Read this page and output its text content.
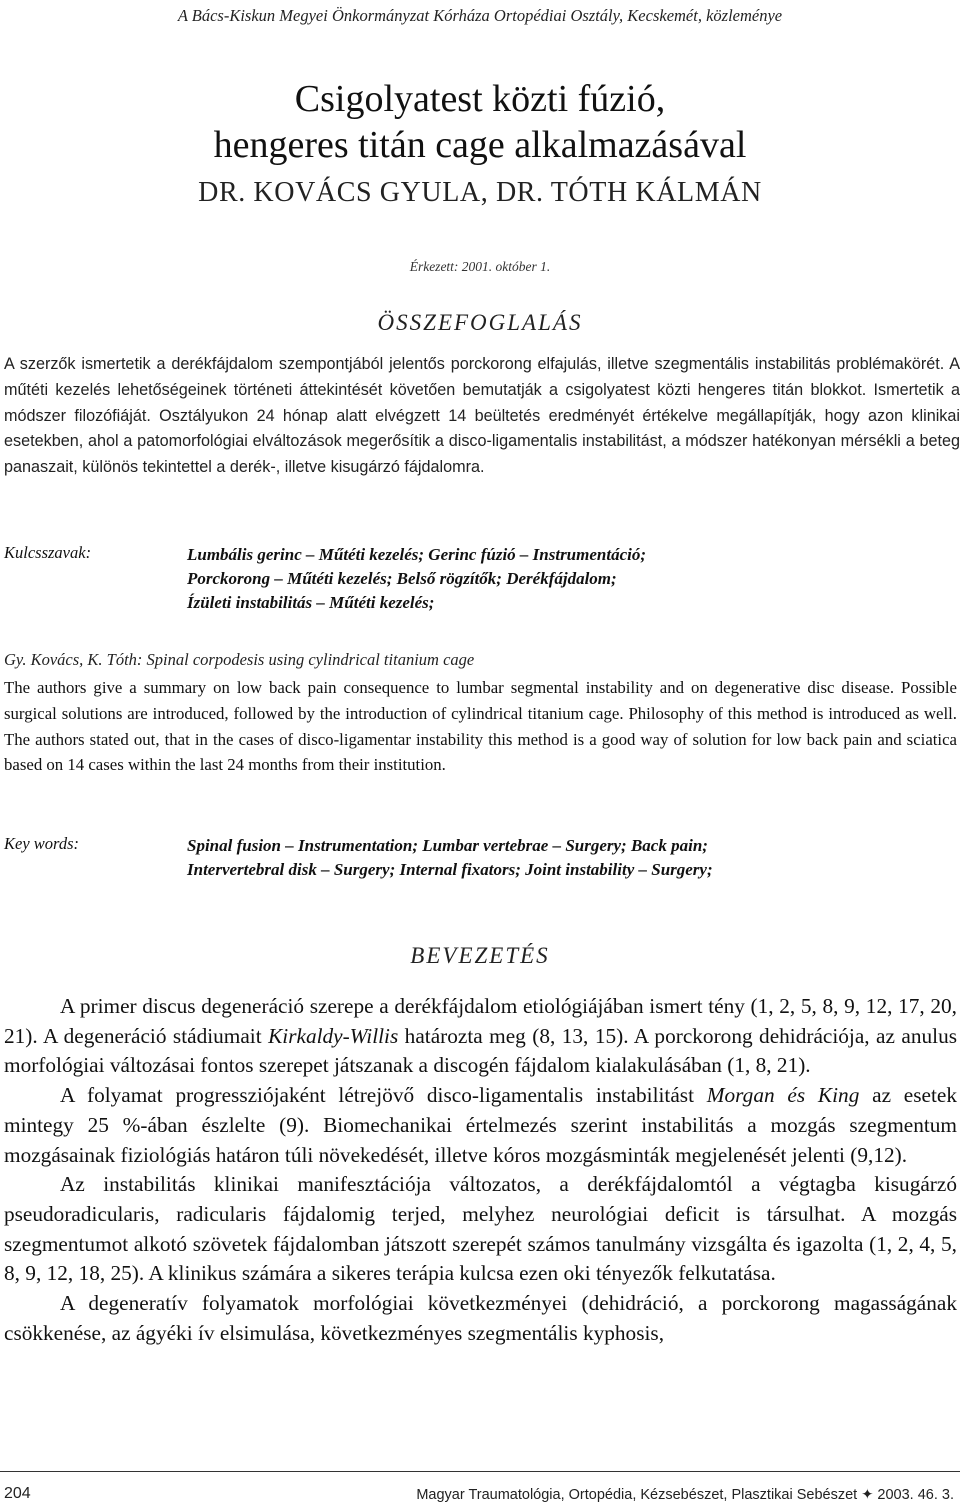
A Bács-Kiskun Megyei Önkormányzat Kórháza Ortopédiai Osztály, Kecskemét, közleménye
Csigolyatest közti fúzió,
hengeres titán cage alkalmazásával
DR. KOVÁCS GYULA, DR. TÓTH KÁLMÁN
Érkezett: 2001. október 1.
ÖSSZEFOGLALÁS
A szerzők ismertetik a derékfájdalom szempontjából jelentős porckorong elfajulás, illetve szegmentális instabilitás problémakörét. A műtéti kezelés lehetőségeinek történeti áttekintését követően bemutatják a csigolyatest közti hengeres titán blokkot. Ismertetik a módszer filozófiáját. Osztályukon 24 hónap alatt elvégzett 14 beültetés eredményét értékelve megállapítják, hogy azon klinikai esetekben, ahol a patomorfológiai elváltozások megerősítik a disco-ligamentalis instabilitást, a módszer hatékonyan mérsékli a beteg panaszait, különös tekintettel a derék-, illetve kisugárzó fájdalomra.
Kulcsszavak:	Lumbális gerinc – Műtéti kezelés; Gerinc fúzió – Instrumentáció;
Porckorong – Műtéti kezelés; Belső rögzítők; Derékfájdalom;
Ízületi instabilitás – Műtéti kezelés;
Gy. Kovács, K. Tóth: Spinal corpodesis using cylindrical titanium cage
The authors give a summary on low back pain consequence to lumbar segmental instability and on degenerative disc disease. Possible surgical solutions are introduced, followed by the introduction of cylindrical titanium cage. Philosophy of this method is introduced as well. The authors stated out, that in the cases of disco-ligamentar instability this method is a good way of solution for low back pain and sciatica based on 14 cases within the last 24 months from their institution.
Key words:	Spinal fusion – Instrumentation; Lumbar vertebrae – Surgery; Back pain;
Intervertebral disk – Surgery; Internal fixators; Joint instability – Surgery;
BEVEZETÉS

A primer discus degeneráció szerepe a derékfájdalom etiológiájában ismert tény (1, 2, 5, 8, 9, 12, 17, 20, 21). A degeneráció stádiumait Kirkaldy-Willis határozta meg (8, 13, 15). A porckorong dehidrációja, az anulus morfológiai változásai fontos szerepet játszanak a discogén fájdalom kialakulásában (1, 8, 21).

A folyamat progressziójaként létrejövő disco-ligamentalis instabilitást Morgan és King az esetek mintegy 25 %-ában észlelte (9). Biomechanikai értelmezés szerint instabilitás a mozgás szegmentum mozgásainak fiziológiás határon túli növekedését, illetve kóros mozgásminták megjelenését jelenti (9,12).

Az instabilitás klinikai manifesztációja változatos, a derékfájdalomtól a végtagba kisugárzó pseudoradicularis, radicularis fájdalomig terjed, melyhez neurológiai deficit is társulhat. A mozgás szegmentumot alkotó szövetek fájdalomban játszott szerepét számos tanulmány vizsgálta és igazolta (1, 2, 4, 5, 8, 9, 12, 18, 25). A klinikus számára a sikeres terápia kulcsa ezen oki tényezők felkutatása.

A degeneratív folyamatok morfológiai következményei (dehidráció, a porckorong magasságának csökkenése, az ágyéki ív elsimulása, következményes szegmentális kyphosis,

204	Magyar Traumatológia, Ortopédia, Kézsebészet, Plasztikai Sebészet ✦ 2003. 46. 3.
